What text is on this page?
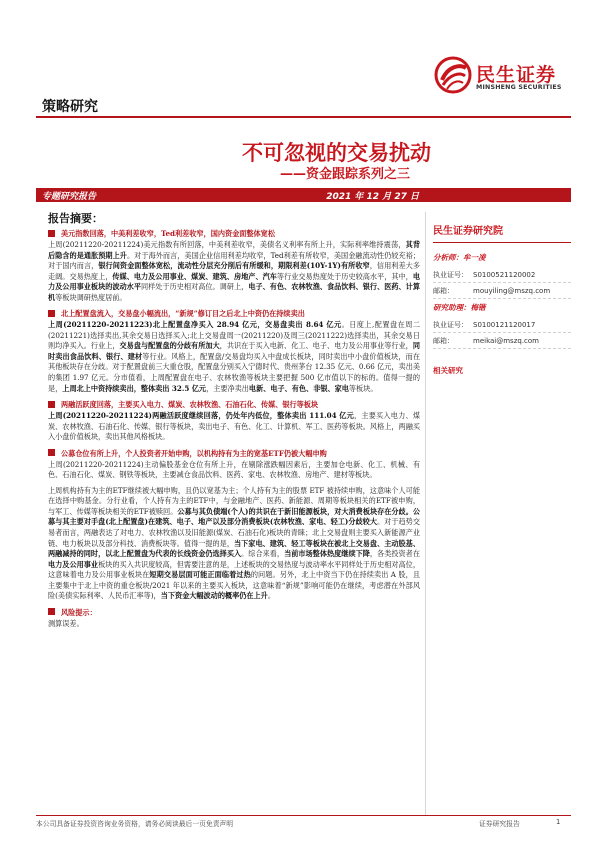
民生证券
MINSHENG SECURITIES
策略研究
不可忽视的交易扰动
——资金跟踪系列之三
专题研究报告	2021 年 12 月 27 日
报告摘要：
美元指数回落，中美利差收窄，Ted利差收窄，国内资金面整体宽松

上周(20211220-20211224)美元指数有所回落，中美利差收窄，美债名义利率有所上升，实际利率维持震荡，其背后隐含的是通胀预期上升。对于海外而言，美国企业信用利差均收窄，Ted利差有所收窄，美国金融流动性仍较充裕；对于国内而言，银行间资金面整体宽松，流动性分层充分削后有所缓和，期限利差(10Y-1Y)有所收窄，信用利差大多走阔。交易热度上，传媒、电力及公用事业、煤炭、建筑、房地产、汽车等行业交易热度处于历史较高水平，其中，电力及公用事业板块的波动水平同样处于历史相对高位。调研上，电子、有色、农林牧渔、食品饮料、银行、医药、计算机等板块调研热度居前。

北上配置盘流入，交易盘小幅流出，“新规”修订目之后北上中资仍在持续卖出

上周(20211220-20211223)北上配置盘净买入 28.94 亿元，交易盘卖出 8.64 亿元。日度上,配置盘在周二(20211221)选择卖出,其余交易日选择买入;北上交易盘周一(20211220)及周三(20211222)选择卖出，其余交易日则均净买入。行业上，交易盘与配置盘的分歧有所加大，共识在于买入电新、化工、电子、电力及公用事业等行业，同时卖出食品饮料、银行、建材等行业。风格上，配置盘/交易盘均买入中盘成长板块，同时卖出中小盘价值板块，而在其他板块存在分歧。对于配置盘前三大重仓股，配置盘分别买入宁德时代、贵州茅台 12.35 亿元、0.66 亿元，卖出美的集团 1.97 亿元。分市值看，上周配置盘在电子、农林牧渔等板块主要把握 500 亿市值以下的标的。值得一提的是，上周北上中资持续卖出，整体卖出 32.5 亿元，主要净卖出电新、电子、有色、非银、家电等板块。

两融活跃度回落，主要买入电力、煤炭、农林牧渔、石油石化、传媒、银行等板块

上周(20211220-20211224)两融活跃度继续回落，仍处年内低位，整体卖出 111.04 亿元，主要买入电力、煤炭、农林牧渔、石油石化、传媒、银行等板块，卖出电子、有色、化工、计算机、军工、医药等板块。风格上，两融买入小盘价值板块，卖出其他风格板块。

公募仓位有所上升，个人投资者开始申购，以机构持有为主的宽基ETF仍被大幅申购

上周(20211220-20211224)主动偏股基金仓位有所上升，在剔除涨跌幅因素后，主要加仓电新、化工、机械、有色、石油石化、煤炭、钢铁等板块，主要减仓食品饮料、医药、家电、农林牧渔、房地产、建材等板块。

上周机构持有为主的ETF继续被大幅申购，且仍以宽基为主；个人持有为主的股票 ETF 被持续申购，这意味个人可能在选择中购基金。分行业看，个人持有为主的ETF中，与金融地产、医药、新能源、周期等板块相关的ETF被申购，与军工、传媒等板块相关的ETF被赎回。公募与其负债端(个人)的共识在于新旧能源板块，对大消费板块存在分歧。公募与其主要对手盘(北上配置盘)在建筑、电子、地产以及部分消费板块(农林牧渔、家电、轻工)分歧较大。对于趋势交易者而言，两融表达了对电力、农林牧渔以及旧能源(煤炭、石油石化)板块的青睐；北上交易盘则主要买入新能源产业链、电力板块以及部分科技、消费板块等。值得一提的是，当下家电、建筑、轻工等板块在被北上交易盘、主动股基、两融减持的同时，以北上配置盘为代表的长线资金仍选择买入。综合来看，当前市场整体热度继续下降，各类投资者在电力及公用事业板块的买入共识度较高，但需要注意的是，上述板块的交易热度与波动率水平同样处于历史相对高位，这意味着电力及公用事业板块在短期交易层面可能正面临着过热的问题。另外，北上中资当下仍在持续卖出 A 股，且主要集中于北上中资的重仓板块/2021 年以来的主要买入板块，这意味着“新规”影响可能仍在继续，考虑潜在外部风险(美债实际利率、人民币汇率等)，当下资金大幅波动的概率仍在上升。

风险提示：

测算误差。

民生证券研究院
分析师：牟一凌
执业证号： S0100521120002
邮箱：	mouyiling@mszq.com
研究助理：梅锴
执业证号： S0100121120017
邮箱：	meikai@mszq.com
相关研究
本公司具备证券投资咨询业务资格，请务必阅读最后一页免责声明	证券研究报告	1
